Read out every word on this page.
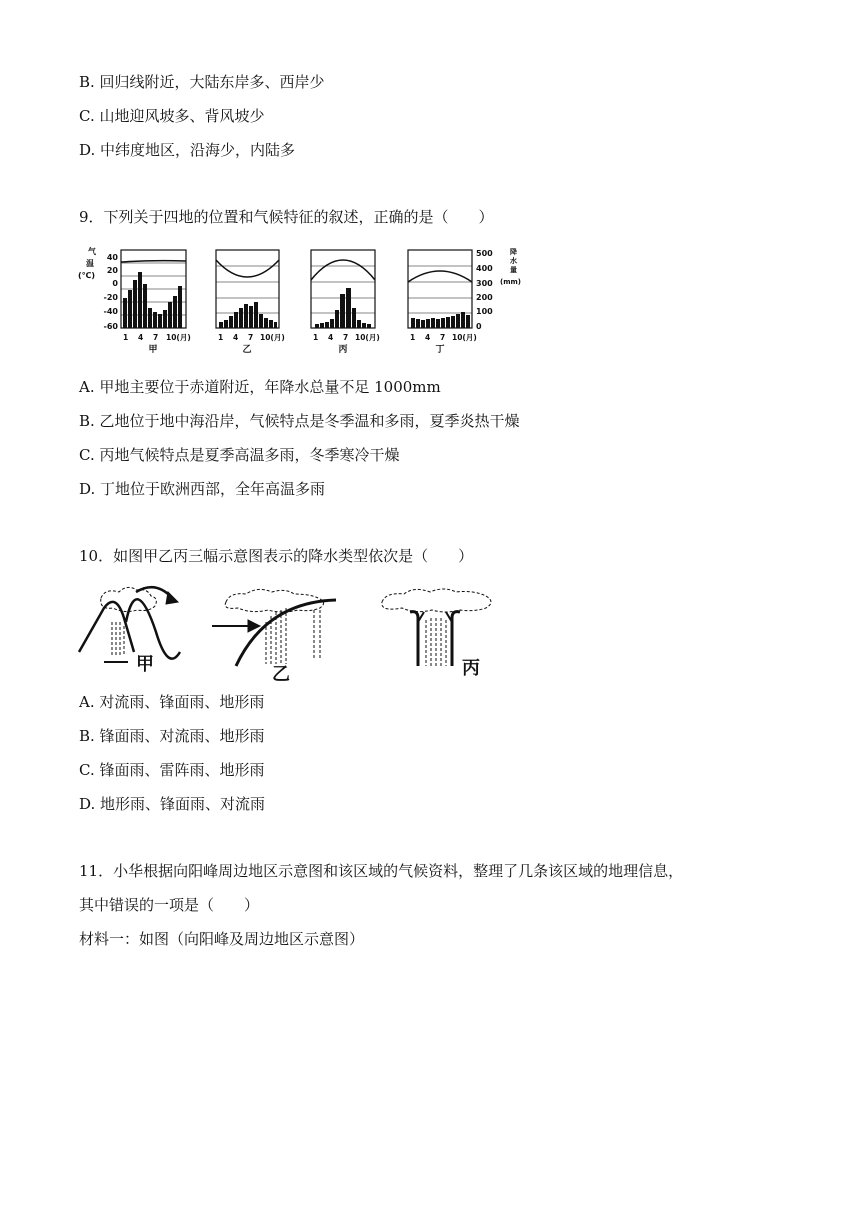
B. 回归线附近，大陆东岸多、西岸少
C. 山地迎风坡多、背风坡少
D. 中纬度地区，沿海少，内陆多
9．下列关于四地的位置和气候特征的叙述，正确的是（　　）
气温(℃)
40
20
0
-20
-40
-60
500
400
300
200
100
0
降水量(mm)
1 4 7 10(月)	1 4 7 10(月)	1 4 7 10(月)	1 4 7 10(月)
甲	乙	丙	丁
A. 甲地主要位于赤道附近，年降水总量不足 1000mm
B. 乙地位于地中海沿岸，气候特点是冬季温和多雨，夏季炎热干燥
C. 丙地气候特点是夏季高温多雨，冬季寒冷干燥
D. 丁地位于欧洲西部，全年高温多雨
10．如图甲乙丙三幅示意图表示的降水类型依次是（　　）
甲	乙	丙
A. 对流雨、锋面雨、地形雨
B. 锋面雨、对流雨、地形雨
C. 锋面雨、雷阵雨、地形雨
D. 地形雨、锋面雨、对流雨
11．小华根据向阳峰周边地区示意图和该区域的气候资料，整理了几条该区域的地理信息，
其中错误的一项是（　　）
材料一：如图（向阳峰及周边地区示意图）
